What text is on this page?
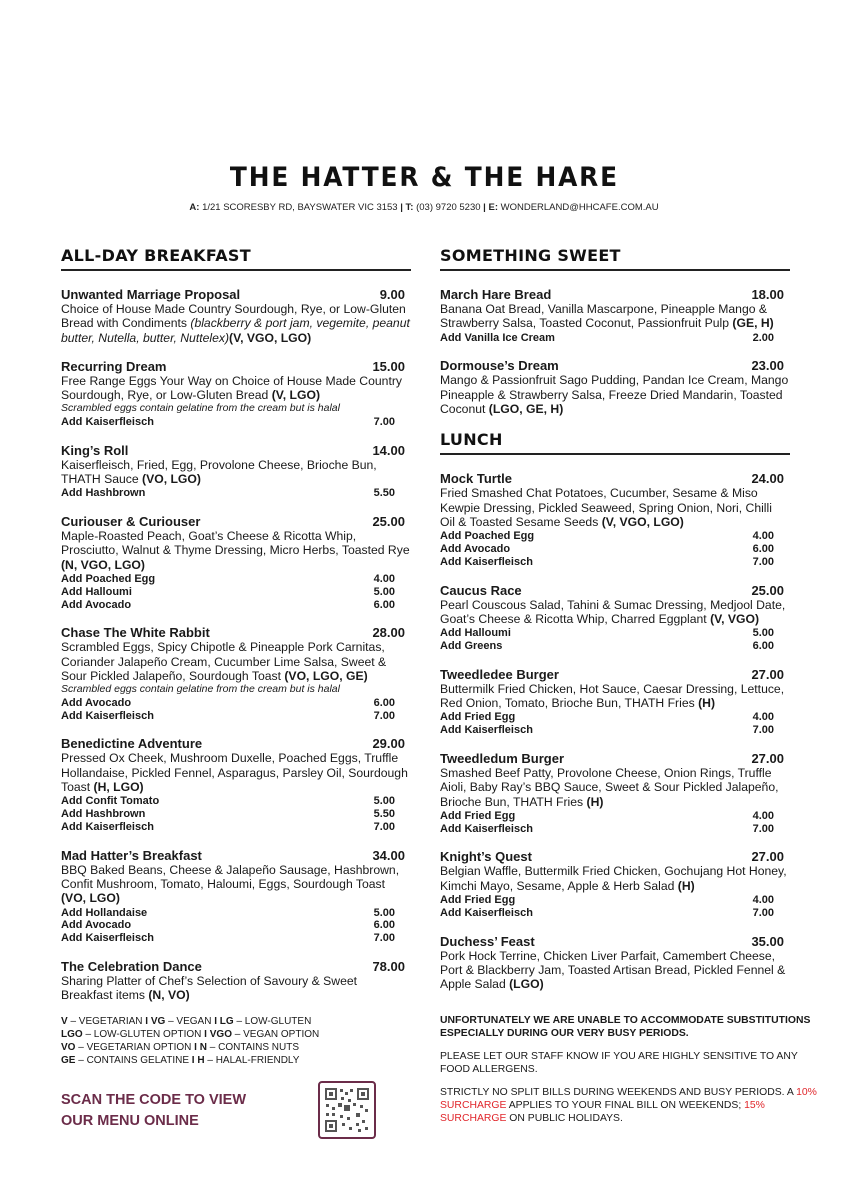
THE HATTER & THE HARE
A: 1/21 SCORESBY RD, BAYSWATER VIC 3153 | T: (03) 9720 5230 | E: WONDERLAND@HHCAFE.COM.AU
ALL-DAY BREAKFAST
Unwanted Marriage Proposal	9.00
Choice of House Made Country Sourdough, Rye, or Low-Gluten Bread with Condiments (blackberry & port jam, vegemite, peanut butter, Nutella, butter, Nuttelex)(V, VGO, LGO)
Recurring Dream	15.00
Free Range Eggs Your Way on Choice of House Made Country Sourdough, Rye, or Low-Gluten Bread (V, LGO)
Scrambled eggs contain gelatine from the cream but is halal
Add Kaiserfleisch	7.00
King’s Roll	14.00
Kaiserfleisch, Fried, Egg, Provolone Cheese, Brioche Bun, THATH Sauce (VO, LGO)
Add Hashbrown	5.50
Curiouser & Curiouser	25.00
Maple-Roasted Peach, Goat’s Cheese & Ricotta Whip, Prosciutto, Walnut & Thyme Dressing, Micro Herbs, Toasted Rye (N, VGO, LGO)
Add Poached Egg	4.00
Add Halloumi	5.00
Add Avocado	6.00
Chase The White Rabbit	28.00
Scrambled Eggs, Spicy Chipotle & Pineapple Pork Carnitas, Coriander Jalapeño Cream, Cucumber Lime Salsa, Sweet & Sour Pickled Jalapeño, Sourdough Toast (VO, LGO, GE)
Scrambled eggs contain gelatine from the cream but is halal
Add Avocado	6.00
Add Kaiserfleisch	7.00
Benedictine Adventure	29.00
Pressed Ox Cheek, Mushroom Duxelle, Poached Eggs, Truffle Hollandaise, Pickled Fennel, Asparagus, Parsley Oil, Sourdough Toast (H, LGO)
Add Confit Tomato	5.00
Add Hashbrown	5.50
Add Kaiserfleisch	7.00
Mad Hatter’s Breakfast	34.00
BBQ Baked Beans, Cheese & Jalapeño Sausage, Hashbrown, Confit Mushroom, Tomato, Haloumi, Eggs, Sourdough Toast (VO, LGO)
Add Hollandaise	5.00
Add Avocado	6.00
Add Kaiserfleisch	7.00
The Celebration Dance	78.00
Sharing Platter of Chef’s Selection of Savoury & Sweet Breakfast items (N, VO)
V – VEGETARIAN I VG – VEGAN I LG – LOW-GLUTEN
LGO – LOW-GLUTEN OPTION I VGO – VEGAN OPTION
VO – VEGETARIAN OPTION I N – CONTAINS NUTS
GE – CONTAINS GELATINE I H – HALAL-FRIENDLY
SOMETHING SWEET
March Hare Bread	18.00
Banana Oat Bread, Vanilla Mascarpone, Pineapple Mango & Strawberry Salsa, Toasted Coconut, Passionfruit Pulp (GE, H)
Add Vanilla Ice Cream	2.00
Dormouse’s Dream	23.00
Mango & Passionfruit Sago Pudding, Pandan Ice Cream, Mango Pineapple & Strawberry Salsa, Freeze Dried Mandarin, Toasted Coconut (LGO, GE, H)
LUNCH
Mock Turtle	24.00
Fried Smashed Chat Potatoes, Cucumber, Sesame & Miso Kewpie Dressing, Pickled Seaweed, Spring Onion, Nori, Chilli Oil & Toasted Sesame Seeds (V, VGO, LGO)
Add Poached Egg	4.00
Add Avocado	6.00
Add Kaiserfleisch	7.00
Caucus Race	25.00
Pearl Couscous Salad, Tahini & Sumac Dressing, Medjool Date, Goat’s Cheese & Ricotta Whip, Charred Eggplant (V, VGO)
Add Halloumi	5.00
Add Greens	6.00
Tweedledee Burger	27.00
Buttermilk Fried Chicken, Hot Sauce, Caesar Dressing, Lettuce, Red Onion, Tomato, Brioche Bun, THATH Fries (H)
Add Fried Egg	4.00
Add Kaiserfleisch	7.00
Tweedledum Burger	27.00
Smashed Beef Patty, Provolone Cheese, Onion Rings, Truffle Aioli, Baby Ray’s BBQ Sauce, Sweet & Sour Pickled Jalapeño, Brioche Bun, THATH Fries (H)
Add Fried Egg	4.00
Add Kaiserfleisch	7.00
Knight’s Quest	27.00
Belgian Waffle, Buttermilk Fried Chicken, Gochujang Hot Honey, Kimchi Mayo, Sesame, Apple & Herb Salad (H)
Add Fried Egg	4.00
Add Kaiserfleisch	7.00
Duchess’ Feast	35.00
Pork Hock Terrine, Chicken Liver Parfait, Camembert Cheese, Port & Blackberry Jam, Toasted Artisan Bread, Pickled Fennel & Apple Salad (LGO)
SCAN THE CODE TO VIEW
OUR MENU ONLINE
UNFORTUNATELY WE ARE UNABLE TO ACCOMMODATE SUBSTITUTIONS ESPECIALLY DURING OUR VERY BUSY PERIODS.
PLEASE LET OUR STAFF KNOW IF YOU ARE HIGHLY SENSITIVE TO ANY FOOD ALLERGENS.
STRICTLY NO SPLIT BILLS DURING WEEKENDS AND BUSY PERIODS. A 10% SURCHARGE APPLIES TO YOUR FINAL BILL ON WEEKENDS; 15% SURCHARGE ON PUBLIC HOLIDAYS.
